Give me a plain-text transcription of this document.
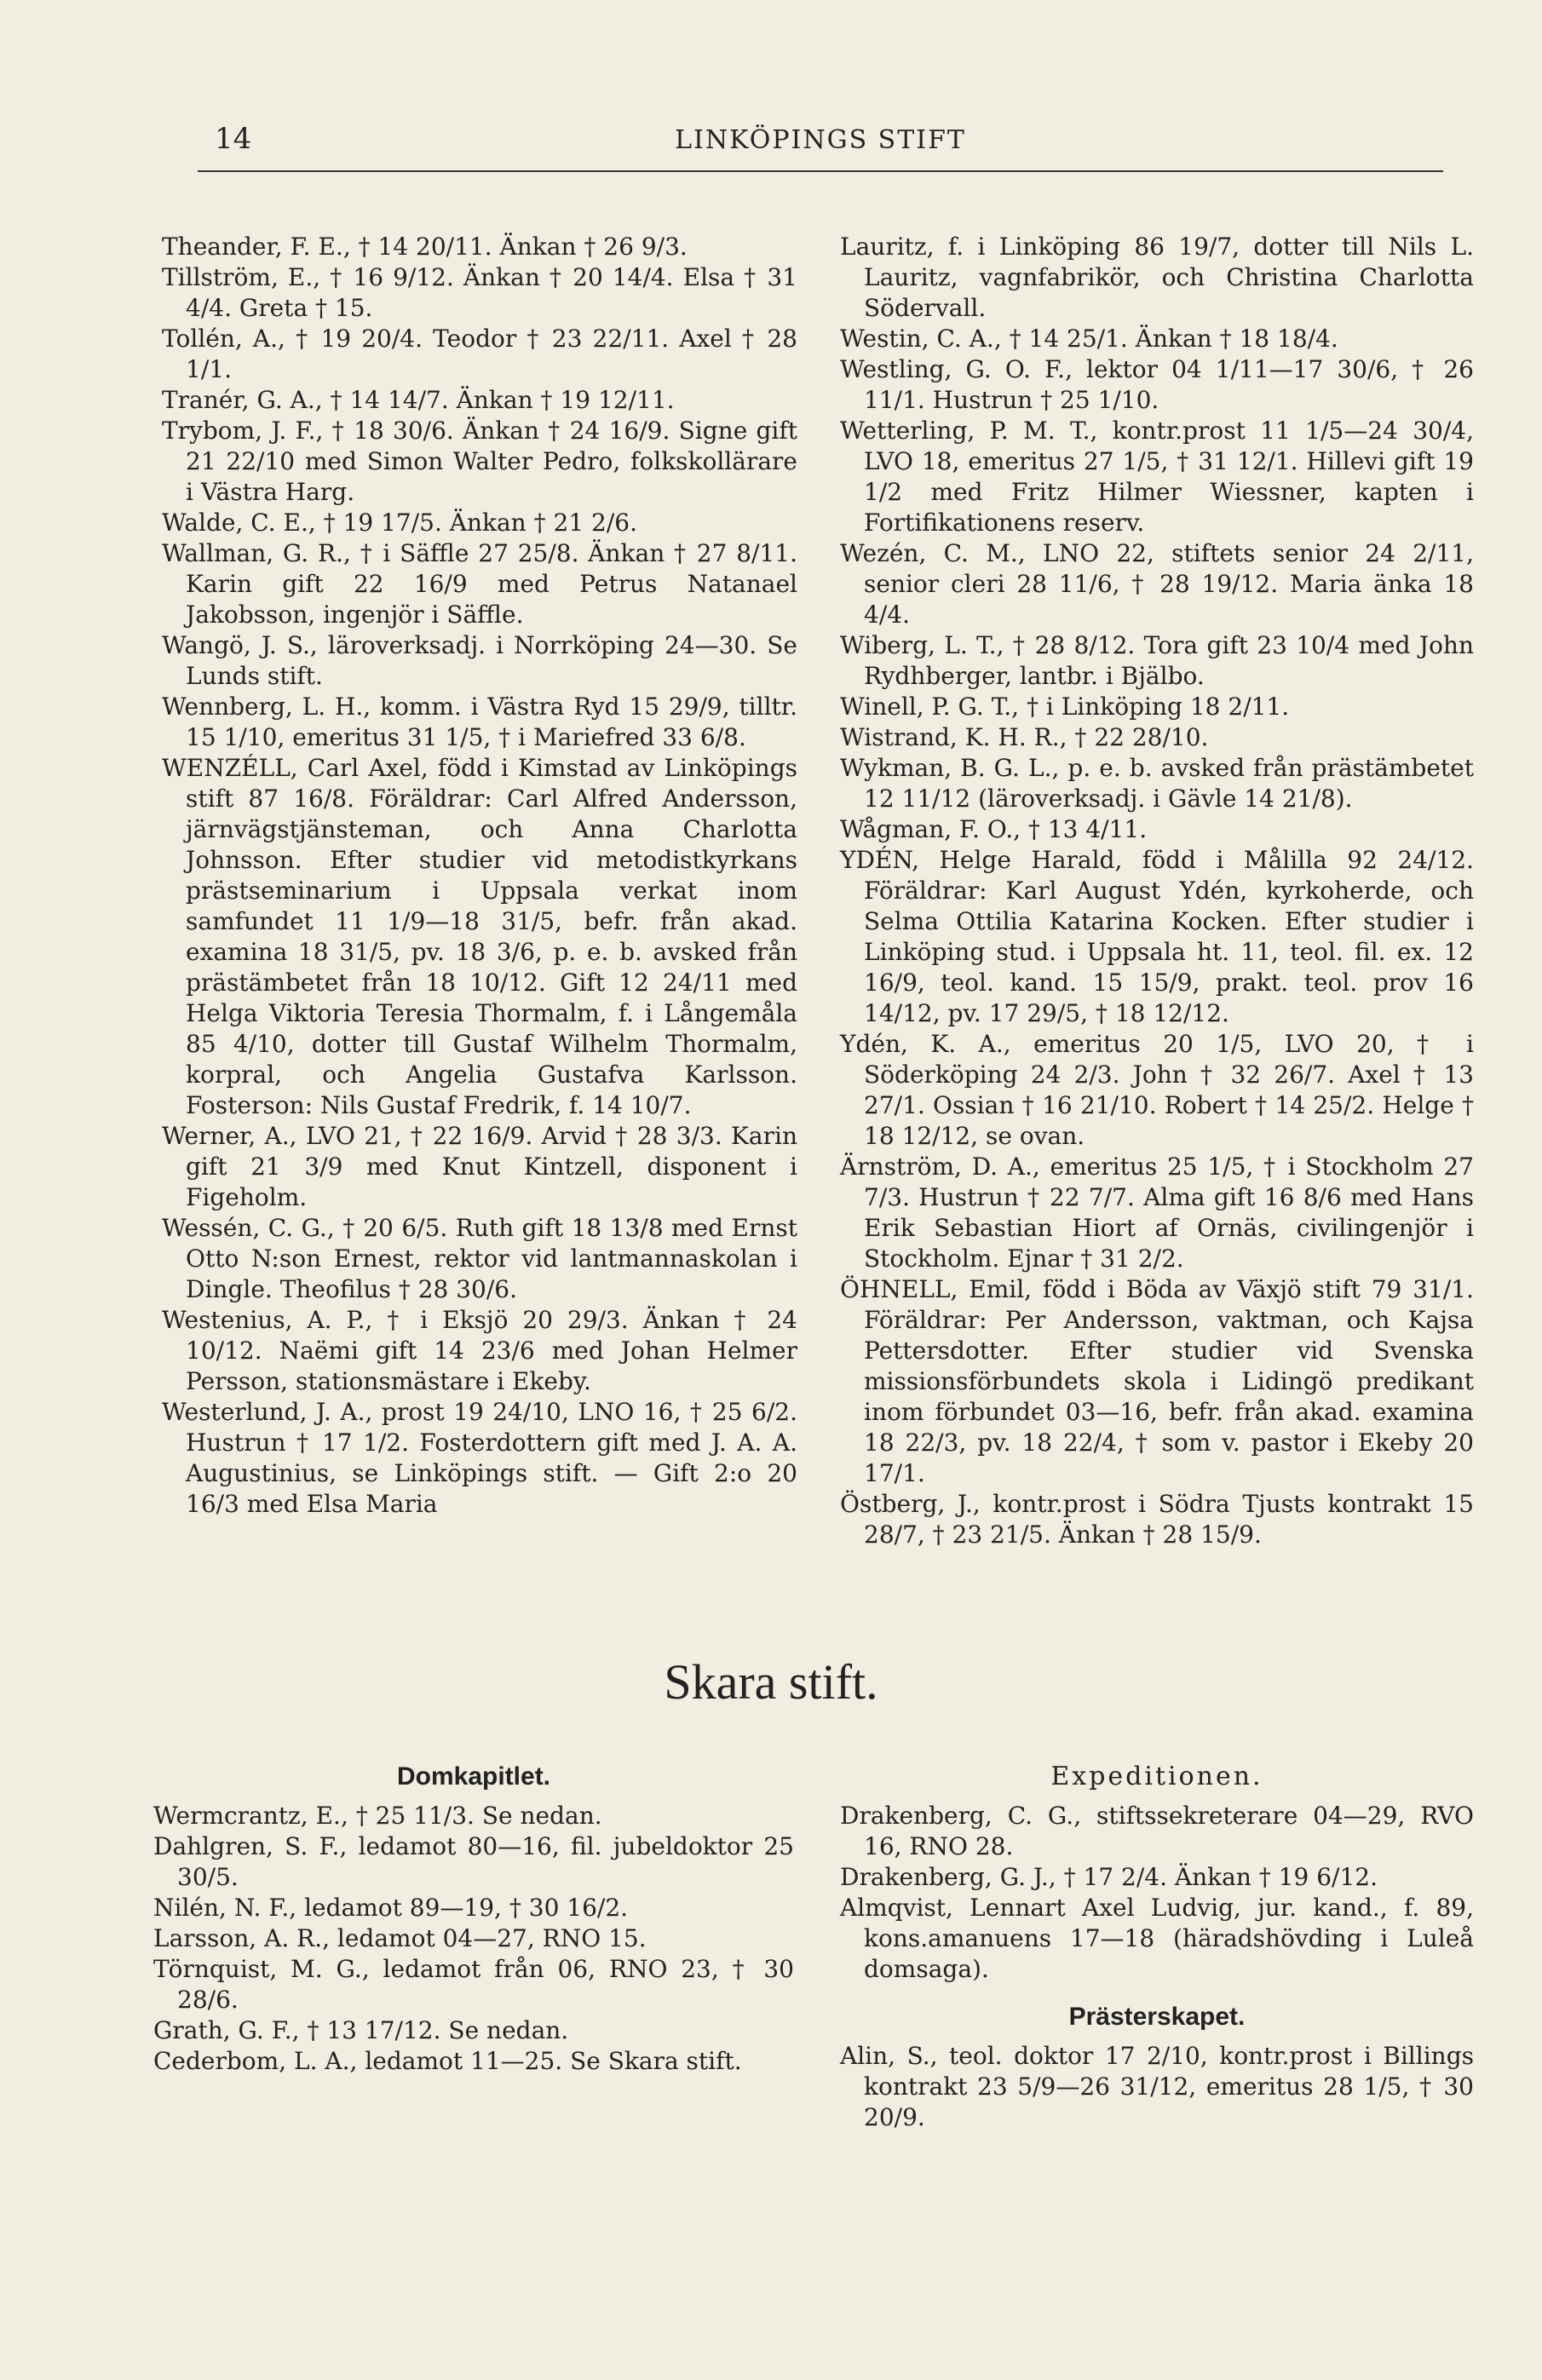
14	LINKÖPINGS STIFT

Theander, F. E., † 14 20/11. Änkan † 26 9/3.

Tillström, E., † 16 9/12. Änkan † 20 14/4. Elsa † 31 4/4. Greta † 15.

Tollén, A., † 19 20/4. Teodor † 23 22/11. Axel † 28 1/1.

Tranér, G. A., † 14 14/7. Änkan † 19 12/11.

Trybom, J. F., † 18 30/6. Änkan † 24 16/9. Signe gift 21 22/10 med Simon Walter Pedro, folkskollärare i Västra Harg.

Walde, C. E., † 19 17/5. Änkan † 21 2/6.

Wallman, G. R., † i Säffle 27 25/8. Änkan † 27 8/11. Karin gift 22 16/9 med Petrus Natanael Jakobsson, ingenjör i Säffle.

Wangö, J. S., läroverksadj. i Norrköping 24—30. Se Lunds stift.

Wennberg, L. H., komm. i Västra Ryd 15 29/9, tilltr. 15 1/10, emeritus 31 1/5, † i Mariefred 33 6/8.

WENZÉLL, Carl Axel, född i Kimstad av Linköpings stift 87 16/8. Föräldrar: Carl Alfred Andersson, järnvägstjänsteman, och Anna Charlotta Johnsson. Efter studier vid metodistkyrkans prästseminarium i Uppsala verkat inom samfundet 11 1/9—18 31/5, befr. från akad. examina 18 31/5, pv. 18 3/6, p. e. b. avsked från prästämbetet från 18 10/12. Gift 12 24/11 med Helga Viktoria Teresia Thormalm, f. i Långemåla 85 4/10, dotter till Gustaf Wilhelm Thormalm, korpral, och Angelia Gustafva Karlsson. Fosterson: Nils Gustaf Fredrik, f. 14 10/7.

Werner, A., LVO 21, † 22 16/9. Arvid † 28 3/3. Karin gift 21 3/9 med Knut Kintzell, disponent i Figeholm.

Wessén, C. G., † 20 6/5. Ruth gift 18 13/8 med Ernst Otto N:son Ernest, rektor vid lantmannaskolan i Dingle. Theofilus † 28 30/6.

Westenius, A. P., † i Eksjö 20 29/3. Änkan † 24 10/12. Naëmi gift 14 23/6 med Johan Helmer Persson, stationsmästare i Ekeby.

Westerlund, J. A., prost 19 24/10, LNO 16, † 25 6/2. Hustrun † 17 1/2. Fosterdottern gift med J. A. A. Augustinius, se Linköpings stift. — Gift 2:o 20 16/3 med Elsa Maria

Lauritz, f. i Linköping 86 19/7, dotter till Nils L. Lauritz, vagnfabrikör, och Christina Charlotta Södervall.

Westin, C. A., † 14 25/1. Änkan † 18 18/4.

Westling, G. O. F., lektor 04 1/11—17 30/6, † 26 11/1. Hustrun † 25 1/10.

Wetterling, P. M. T., kontr.prost 11 1/5—24 30/4, LVO 18, emeritus 27 1/5, † 31 12/1. Hillevi gift 19 1/2 med Fritz Hilmer Wiessner, kapten i Fortifikationens reserv.

Wezén, C. M., LNO 22, stiftets senior 24 2/11, senior cleri 28 11/6, † 28 19/12. Maria änka 18 4/4.

Wiberg, L. T., † 28 8/12. Tora gift 23 10/4 med John Rydhberger, lantbr. i Bjälbo.

Winell, P. G. T., † i Linköping 18 2/11.

Wistrand, K. H. R., † 22 28/10.

Wykman, B. G. L., p. e. b. avsked från prästämbetet 12 11/12 (läroverksadj. i Gävle 14 21/8).

Wågman, F. O., † 13 4/11.

YDÉN, Helge Harald, född i Målilla 92 24/12. Föräldrar: Karl August Ydén, kyrkoherde, och Selma Ottilia Katarina Kocken. Efter studier i Linköping stud. i Uppsala ht. 11, teol. fil. ex. 12 16/9, teol. kand. 15 15/9, prakt. teol. prov 16 14/12, pv. 17 29/5, † 18 12/12.

Ydén, K. A., emeritus 20 1/5, LVO 20, † i Söderköping 24 2/3. John † 32 26/7. Axel † 13 27/1. Ossian † 16 21/10. Robert † 14 25/2. Helge † 18 12/12, se ovan.

Ärnström, D. A., emeritus 25 1/5, † i Stockholm 27 7/3. Hustrun † 22 7/7. Alma gift 16 8/6 med Hans Erik Sebastian Hiort af Ornäs, civilingenjör i Stockholm. Ejnar † 31 2/2.

ÖHNELL, Emil, född i Böda av Växjö stift 79 31/1. Föräldrar: Per Andersson, vaktman, och Kajsa Pettersdotter. Efter studier vid Svenska missionsförbundets skola i Lidingö predikant inom förbundet 03—16, befr. från akad. examina 18 22/3, pv. 18 22/4, † som v. pastor i Ekeby 20 17/1.

Östberg, J., kontr.prost i Södra Tjusts kontrakt 15 28/7, † 23 21/5. Änkan † 28 15/9.

Skara stift.
Domkapitlet.

Wermcrantz, E., † 25 11/3. Se nedan.

Dahlgren, S. F., ledamot 80—16, fil. jubeldoktor 25 30/5.

Nilén, N. F., ledamot 89—19, † 30 16/2.

Larsson, A. R., ledamot 04—27, RNO 15.

Törnquist, M. G., ledamot från 06, RNO 23, † 30 28/6.

Grath, G. F., † 13 17/12. Se nedan.

Cederbom, L. A., ledamot 11—25. Se Skara stift.

Expeditionen.

Drakenberg, C. G., stiftssekreterare 04—29, RVO 16, RNO 28.

Drakenberg, G. J., † 17 2/4. Änkan † 19 6/12.

Almqvist, Lennart Axel Ludvig, jur. kand., f. 89, kons.amanuens 17—18 (häradshövding i Luleå domsaga).

Prästerskapet.

Alin, S., teol. doktor 17 2/10, kontr.prost i Billings kontrakt 23 5/9—26 31/12, emeritus 28 1/5, † 30 20/9.
